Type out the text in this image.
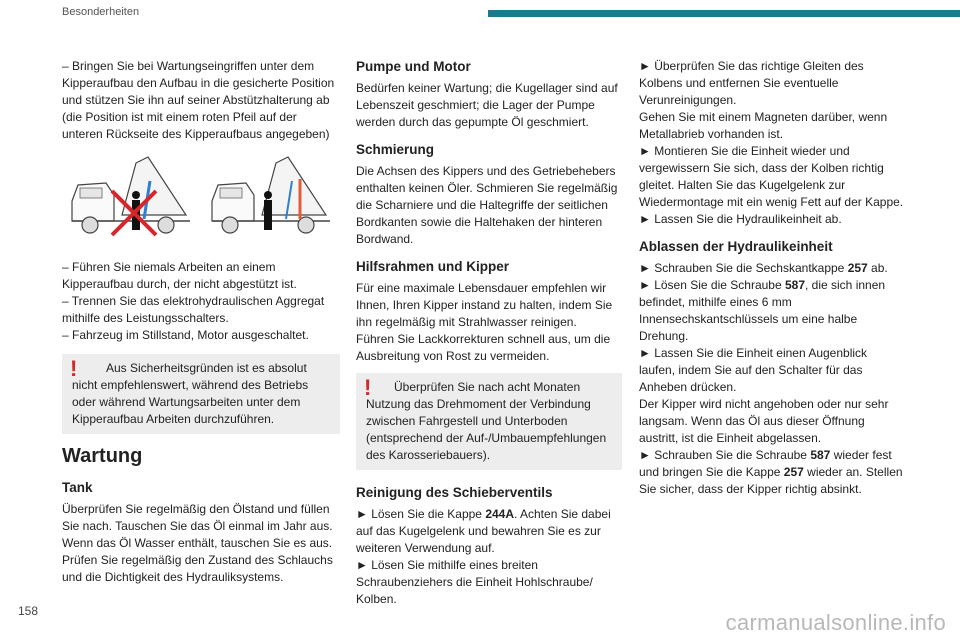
Besonderheiten

– Bringen Sie bei Wartungseingriffen unter dem Kipperaufbau den Aufbau in die gesicherte Position und stützen Sie ihn auf seiner Abstützhalterung ab (die Position ist mit einem roten Pfeil auf der unteren Rückseite des Kipperaufbaus angegeben)

– Führen Sie niemals Arbeiten an einem Kipperaufbau durch, der nicht abgestützt ist.

– Trennen Sie das elektrohydraulischen Aggregat mithilfe des Leistungsschalters.

– Fahrzeug im Stillstand, Motor ausgeschaltet.

!	Aus Sicherheitsgründen ist es absolut nicht empfehlenswert, während des Betriebs oder während Wartungsarbeiten unter dem Kipperaufbau Arbeiten durchzuführen.

Wartung
Tank

Überprüfen Sie regelmäßig den Ölstand und füllen Sie nach. Tauschen Sie das Öl einmal im Jahr aus. Wenn das Öl Wasser enthält, tauschen Sie es aus. Prüfen Sie regelmäßig den Zustand des Schlauchs und die Dichtigkeit des Hydrauliksystems.

Pumpe und Motor

Bedürfen keiner Wartung; die Kugellager sind auf Lebenszeit geschmiert; die Lager der Pumpe werden durch das gepumpte Öl geschmiert.

Schmierung

Die Achsen des Kippers und des Getriebehebers enthalten keinen Öler. Schmieren Sie regelmäßig die Scharniere und die Haltegriffe der seitlichen Bordkanten sowie die Haltehaken der hinteren Bordwand.

Hilfsrahmen und Kipper

Für eine maximale Lebensdauer empfehlen wir Ihnen, Ihren Kipper instand zu halten, indem Sie ihn regelmäßig mit Strahlwasser reinigen.

Führen Sie Lackkorrekturen schnell aus, um die Ausbreitung von Rost zu vermeiden.

!	Überprüfen Sie nach acht Monaten Nutzung das Drehmoment der Verbindung zwischen Fahrgestell und Unterboden (entsprechend der Auf-/Umbauempfehlungen des Karosseriebauers).

Reinigung des Schieberventils

► Lösen Sie die Kappe 244A. Achten Sie dabei auf das Kugelgelenk und bewahren Sie es zur weiteren Verwendung auf.

► Lösen Sie mithilfe eines breiten Schraubenziehers die Einheit Hohlschraube/ Kolben.

► Überprüfen Sie das richtige Gleiten des Kolbens und entfernen Sie eventuelle Verunreinigungen.

Gehen Sie mit einem Magneten darüber, wenn Metallabrieb vorhanden ist.

► Montieren Sie die Einheit wieder und vergewissern Sie sich, dass der Kolben richtig gleitet. Halten Sie das Kugelgelenk zur Wiedermontage mit ein wenig Fett auf der Kappe.

► Lassen Sie die Hydraulikeinheit ab.

Ablassen der Hydraulikeinheit

► Schrauben Sie die Sechskantkappe 257 ab.

► Lösen Sie die Schraube 587, die sich innen befindet, mithilfe eines 6 mm Innensechskantschlüssels um eine halbe Drehung.

► Lassen Sie die Einheit einen Augenblick laufen, indem Sie auf den Schalter für das Anheben drücken.

Der Kipper wird nicht angehoben oder nur sehr langsam. Wenn das Öl aus dieser Öffnung austritt, ist die Einheit abgelassen.

► Schrauben Sie die Schraube 587 wieder fest und bringen Sie die Kappe 257 wieder an. Stellen Sie sicher, dass der Kipper richtig absinkt.

158	carmanualsonline.info
